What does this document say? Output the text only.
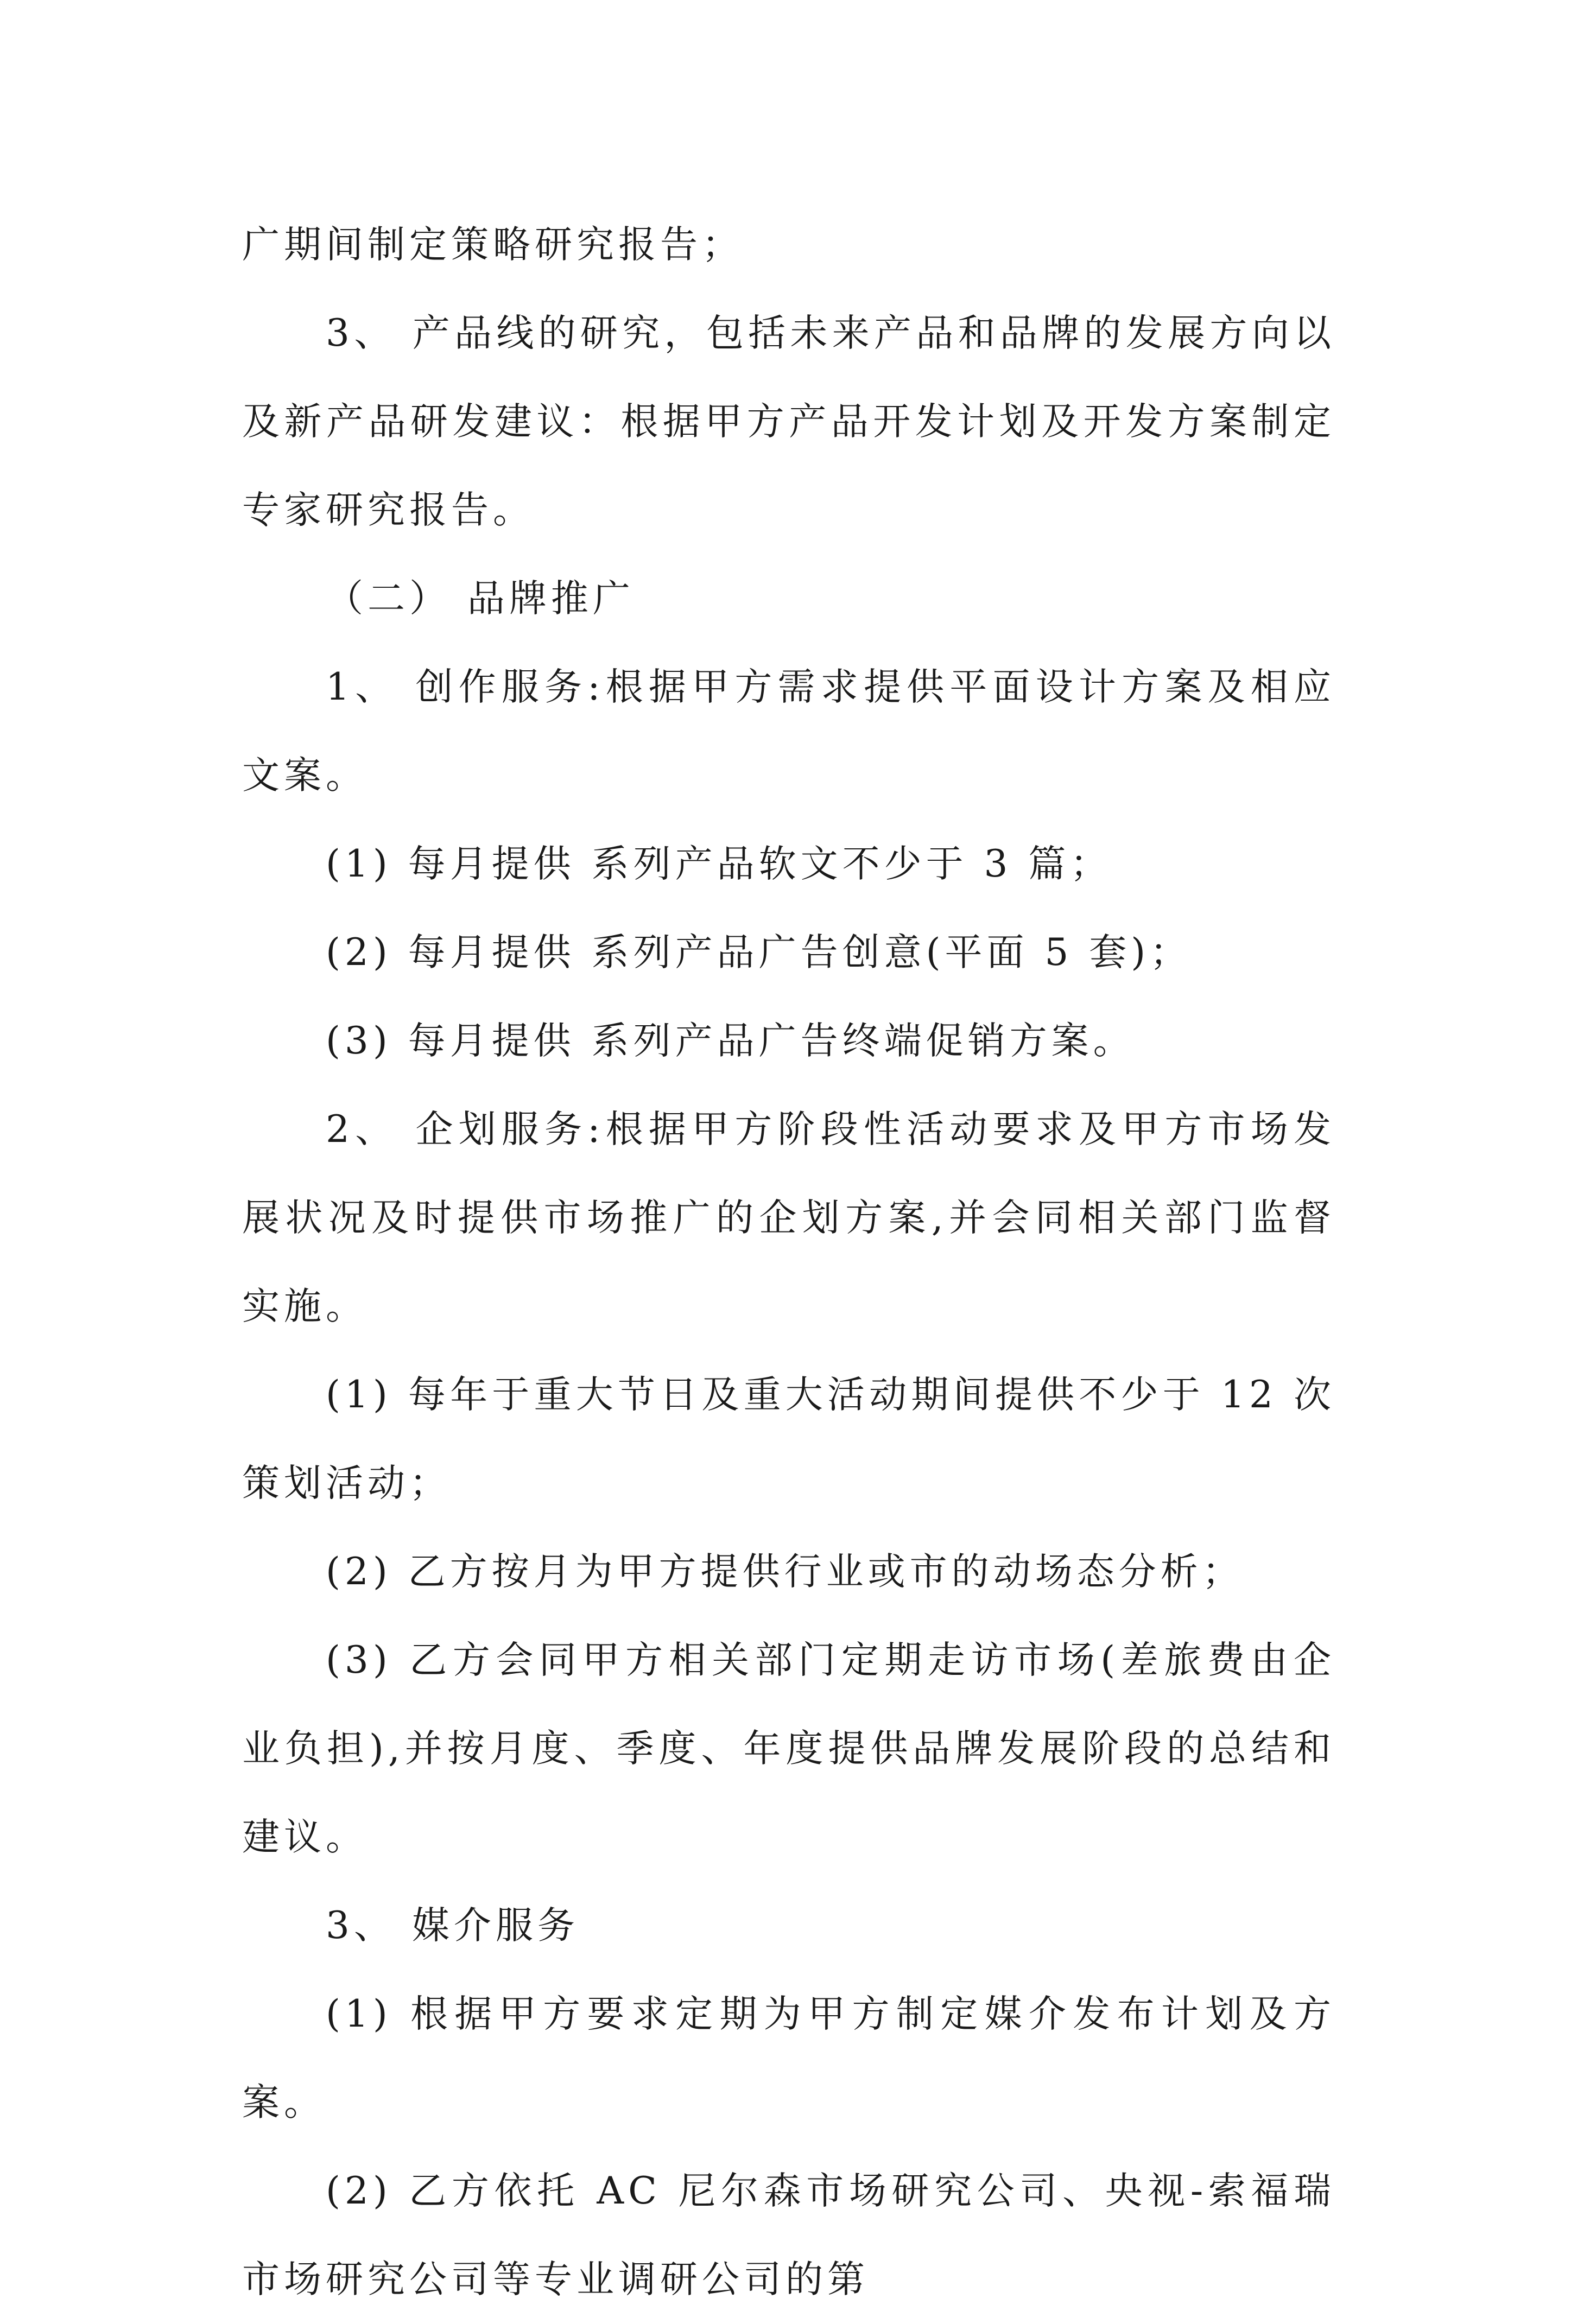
广期间制定策略研究报告；

3、 产品线的研究，包括未来产品和品牌的发展方向以及新产品研发建议：根据甲方产品开发计划及开发方案制定专家研究报告。

（二） 品牌推广

1、 创作服务:根据甲方需求提供平面设计方案及相应文案。

(1) 每月提供 系列产品软文不少于 3 篇；

(2) 每月提供 系列产品广告创意(平面 5 套)；

(3) 每月提供 系列产品广告终端促销方案。

2、 企划服务:根据甲方阶段性活动要求及甲方市场发展状况及时提供市场推广的企划方案,并会同相关部门监督实施。

(1) 每年于重大节日及重大活动期间提供不少于 12 次策划活动；

(2) 乙方按月为甲方提供行业或市的动场态分析；

(3) 乙方会同甲方相关部门定期走访市场(差旅费由企业负担),并按月度、季度、年度提供品牌发展阶段的总结和建议。

3、 媒介服务

(1) 根据甲方要求定期为甲方制定媒介发布计划及方案。

(2) 乙方依托 AC 尼尔森市场研究公司、央视-索福瑞市场研究公司等专业调研公司的第
